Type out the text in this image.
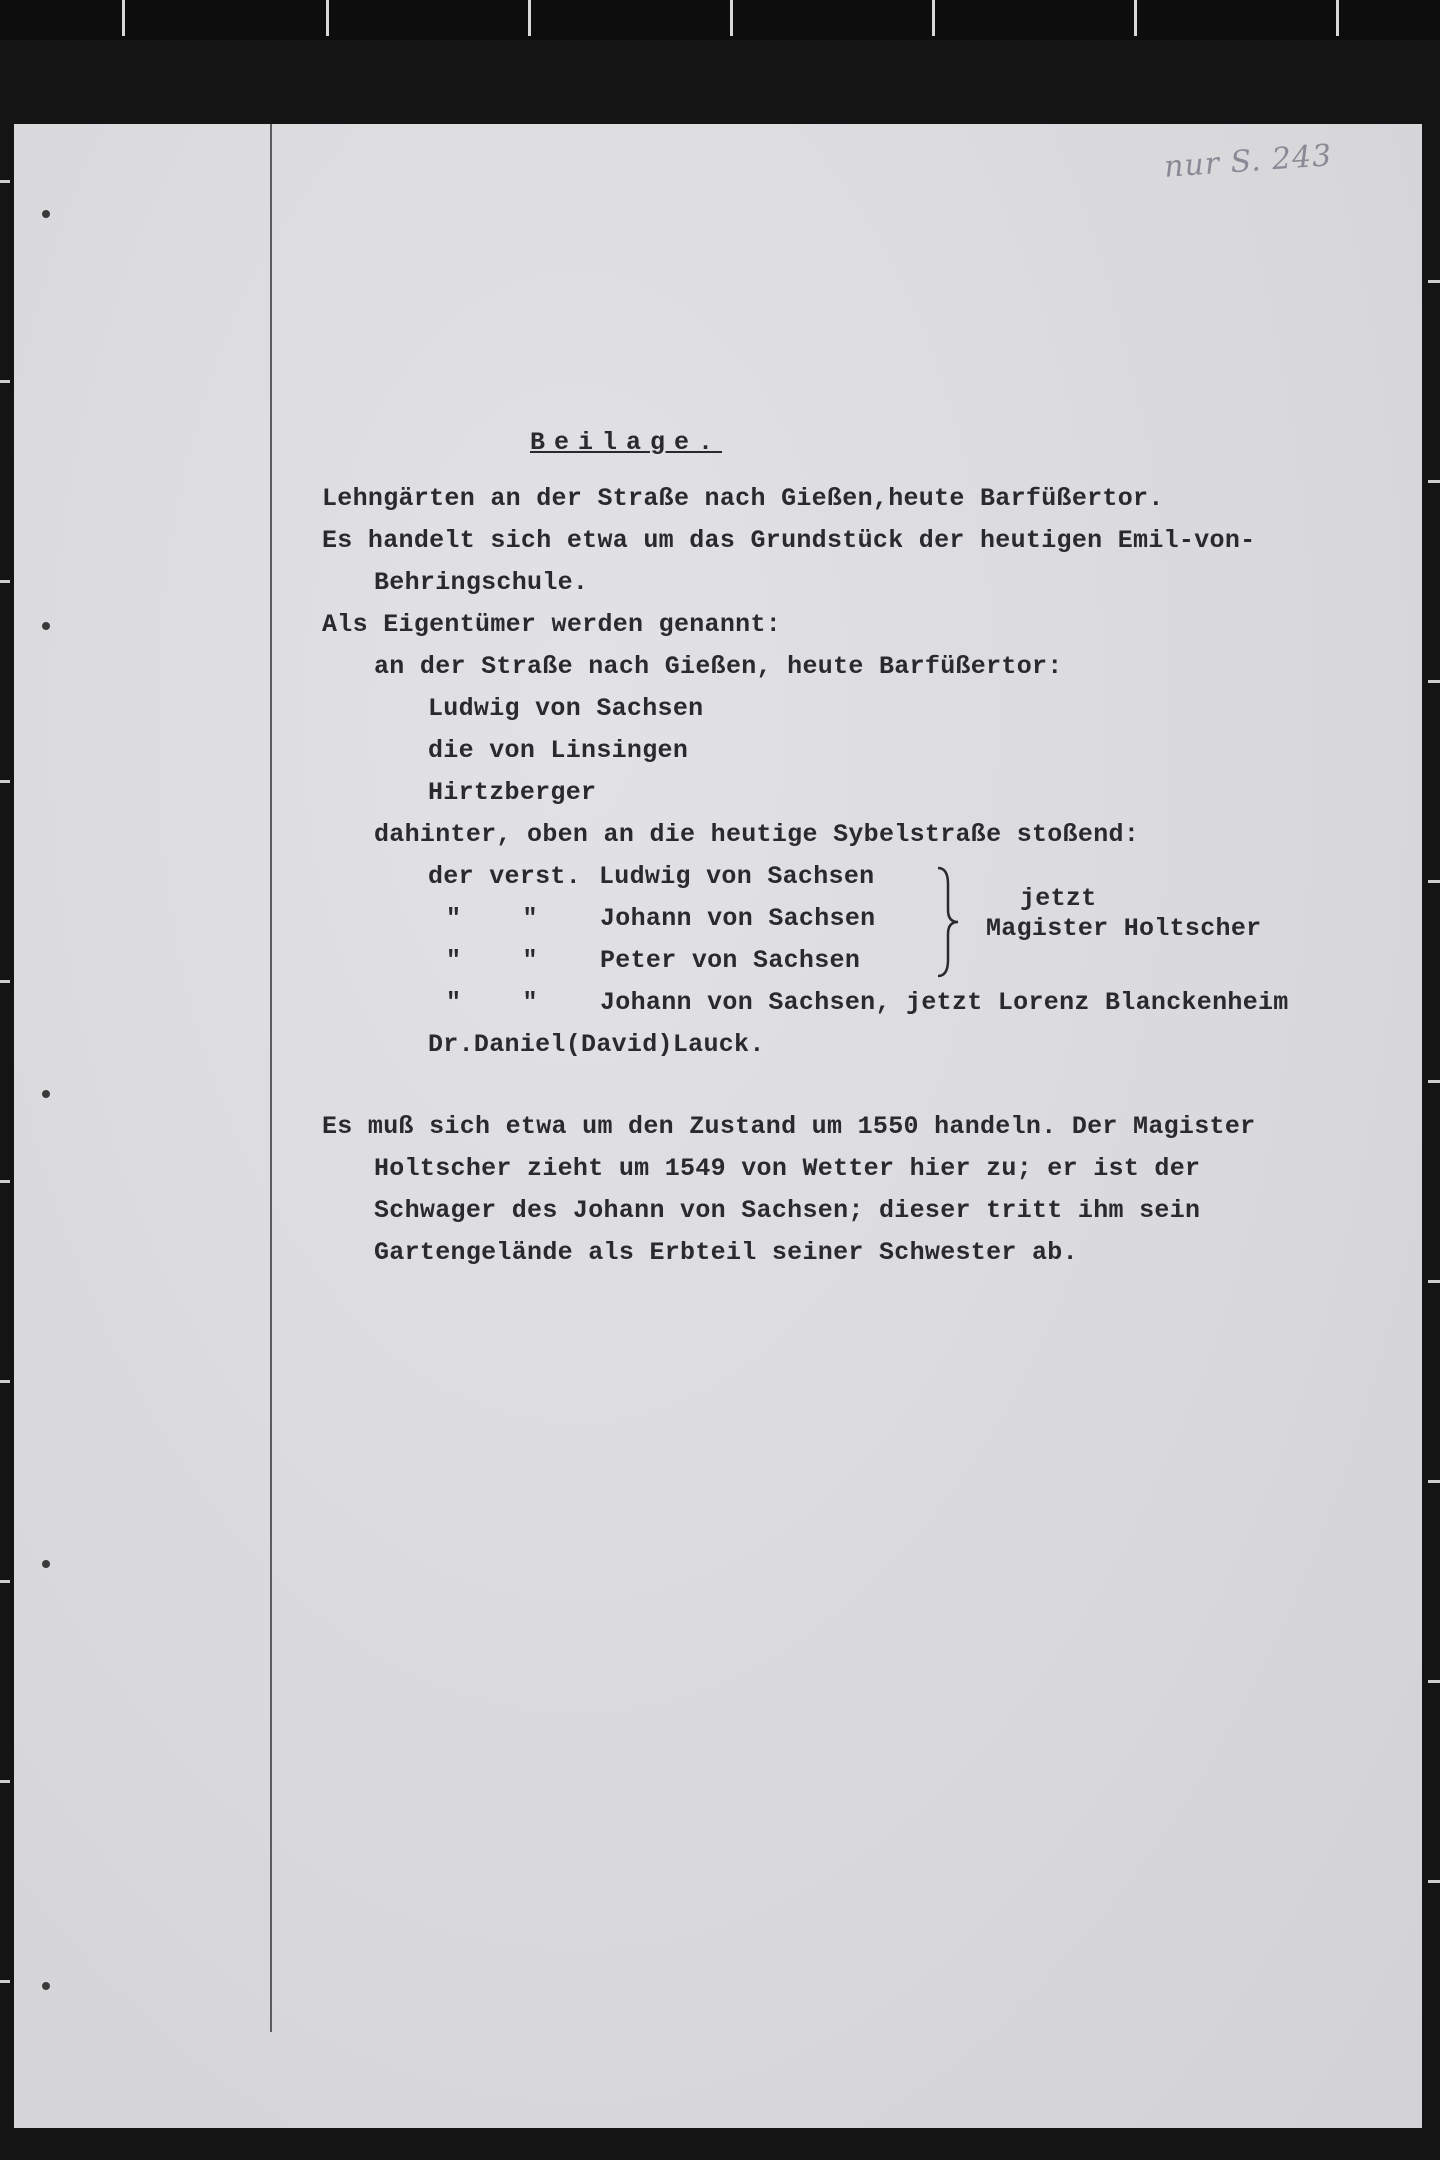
nur S. 243
Beilage.
Lehngärten an der Straße nach Gießen,heute Barfüßertor.
Es handelt sich etwa um das Grundstück der heutigen Emil-von-
Behringschule.
Als Eigentümer werden genannt:
an der Straße nach Gießen, heute Barfüßertor:
Ludwig von Sachsen
die von Linsingen
Hirtzberger
dahinter, oben an die heutige Sybelstraße stoßend:
der verst. Ludwig von Sachsen
"    " Johann von Sachsen
"    " Peter von Sachsen
"    " Johann von Sachsen, jetzt Lorenz Blanckenheim
jetzt
Magister Holtscher
Dr.Daniel(David)Lauck.
Es muß sich etwa um den Zustand um 1550 handeln. Der Magister
Holtscher zieht um 1549 von Wetter hier zu; er ist der
Schwager des Johann von Sachsen; dieser tritt ihm sein
Gartengelände als Erbteil seiner Schwester ab.
